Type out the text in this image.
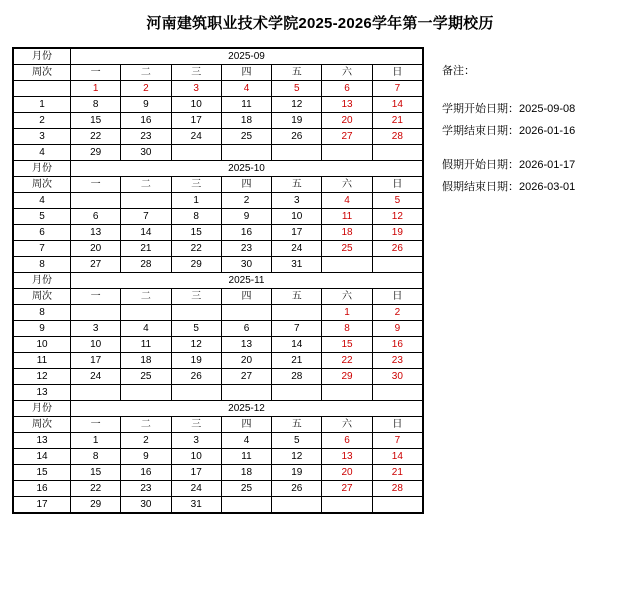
河南建筑职业技术学院2025-2026学年第一学期校历
月份	2025-09						
周次	一	二	三	四	五	六	日
	1	2	3	4	5	6	7
1	8	9	10	11	12	13	14
2	15	16	17	18	19	20	21
3	22	23	24	25	26	27	28
4	29	30					
月份	2025-10						
周次	一	二	三	四	五	六	日
4			1	2	3	4	5
5	6	7	8	9	10	11	12
6	13	14	15	16	17	18	19
7	20	21	22	23	24	25	26
8	27	28	29	30	31		
月份	2025-11						
周次	一	二	三	四	五	六	日
8						1	2
9	3	4	5	6	7	8	9
10	10	11	12	13	14	15	16
11	17	18	19	20	21	22	23
12	24	25	26	27	28	29	30
13							
月份	2025-12						
周次	一	二	三	四	五	六	日
13	1	2	3	4	5	6	7
14	8	9	10	11	12	13	14
15	15	16	17	18	19	20	21
16	22	23	24	25	26	27	28
17	29	30	31				
备注：
学期开始日期：2025-09-08
学期结束日期：2026-01-16
假期开始日期：2026-01-17
假期结束日期：2026-03-01
